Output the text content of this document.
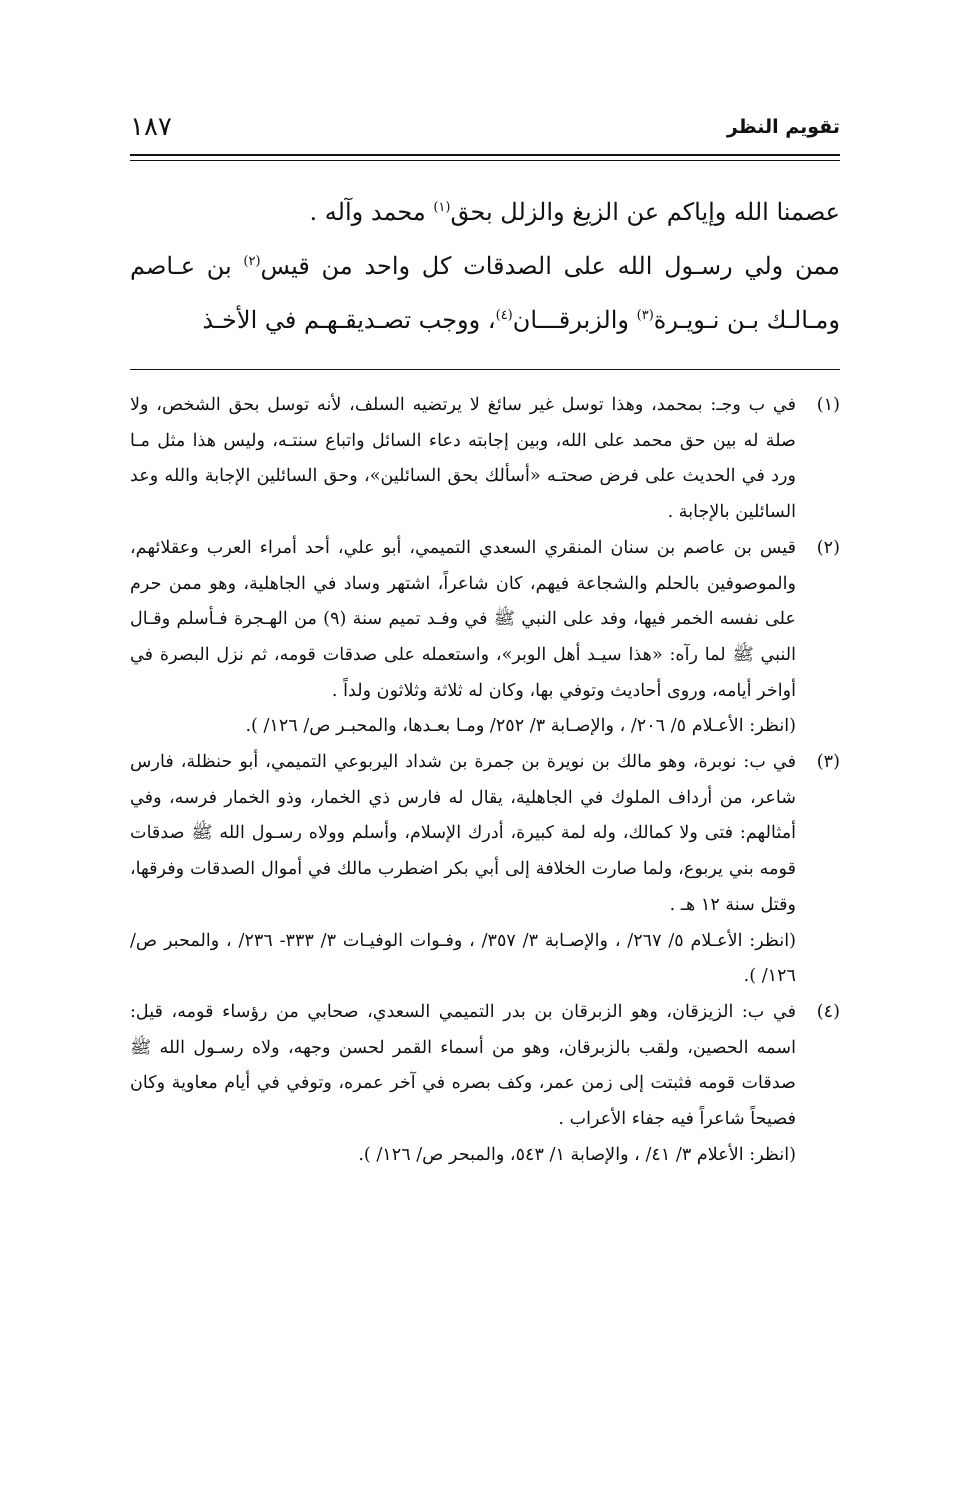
تقويم النظر
١٨٧

عصمنا الله وإياكم عن الزيغ والزلل بحق$^{(١)}$ محمد وآله .

ممن ولي رسـول الله على الصدقات كل واحد من قيس$^{(٢)}$ بن عـاصم ومـالـك بـن نـويـرة$^{(٣)}$ والزبرقـــان$^{(٤)}$، ووجب تصـديقـهـم في الأخـذ

(١)

في ب وجـ: بمحمد، وهذا توسل غير سائغ لا يرتضيه السلف، لأنه توسل بحق الشخص، ولا صلة له بين حق محمد على الله، وبين إجابته دعاء السائل واتباع سنتـه، وليس هذا مثل مـا ورد في الحديث على فرض صحتـه «أسألك بحق السائلين»، وحق السائلين الإجابة والله وعد السائلين بالإجابة .

(٢)

قيس بن عاصم بن سنان المنقري السعدي التميمي، أبو علي، أحد أمراء العرب وعقلائهم، والموصوفين بالحلم والشجاعة فيهم، كان شاعراً، اشتهر وساد في الجاهلية، وهو ممن حرم على نفسه الخمر فيها، وفد على النبي ﷺ في وفـد تميم سنة (٩) من الهـجرة فـأسلم وقـال النبي ﷺ لما رآه: «هذا سيـد أهل الوبر»، واستعمله على صدقات قومه، ثم نزل البصرة في أواخر أيامه، وروى أحاديث وتوفي بها، وكان له ثلاثة وثلاثون ولداً .

(انظر: الأعـلام ٥/ ٢٠٦/ ، والإصـابة ٣/ ٢٥٢/ ومـا بعـدها، والمحبـر ص/ ١٢٦/ ).

(٣)

في ب: نوبرة، وهو مالك بن نويرة بن جمرة بن شداد اليربوعي التميمي، أبو حنظلة، فارس شاعر، من أرداف الملوك في الجاهلية، يقال له فارس ذي الخمار، وذو الخمار فرسه، وفي أمثالهم: فتى ولا كمالك، وله لمة كبيرة، أدرك الإسلام، وأسلم وولاه رسـول الله ﷺ صدقات قومه بني يربوع، ولما صارت الخلافة إلى أبي بكر اضطرب مالك في أموال الصدقات وفرقها، وقتل سنة ١٢ هـ .

(انظر: الأعـلام ٥/ ٢٦٧/ ، والإصـابة ٣/ ٣٥٧/ ، وفـوات الوفيـات ٣/ ٣٣٣- ٢٣٦/ ، والمحبر ص/ ١٢٦/ ).

(٤)

في ب: الزيزقان، وهو الزبرقان بن بدر التميمي السعدي، صحابي من رؤساء قومه، قيل: اسمه الحصين، ولقب بالزبرقان، وهو من أسماء القمر لحسن وجهه، ولاه رسـول الله ﷺ صدقات قومه فثبتت إلى زمن عمر، وكف بصره في آخر عمره، وتوفي في أيام معاوية وكان فصيحاً شاعراً فيه جفاء الأعراب .

(انظر: الأعلام ٣/ ٤١/ ، والإصابة ١/ ٥٤٣، والمبحر ص/ ١٢٦/ ).
